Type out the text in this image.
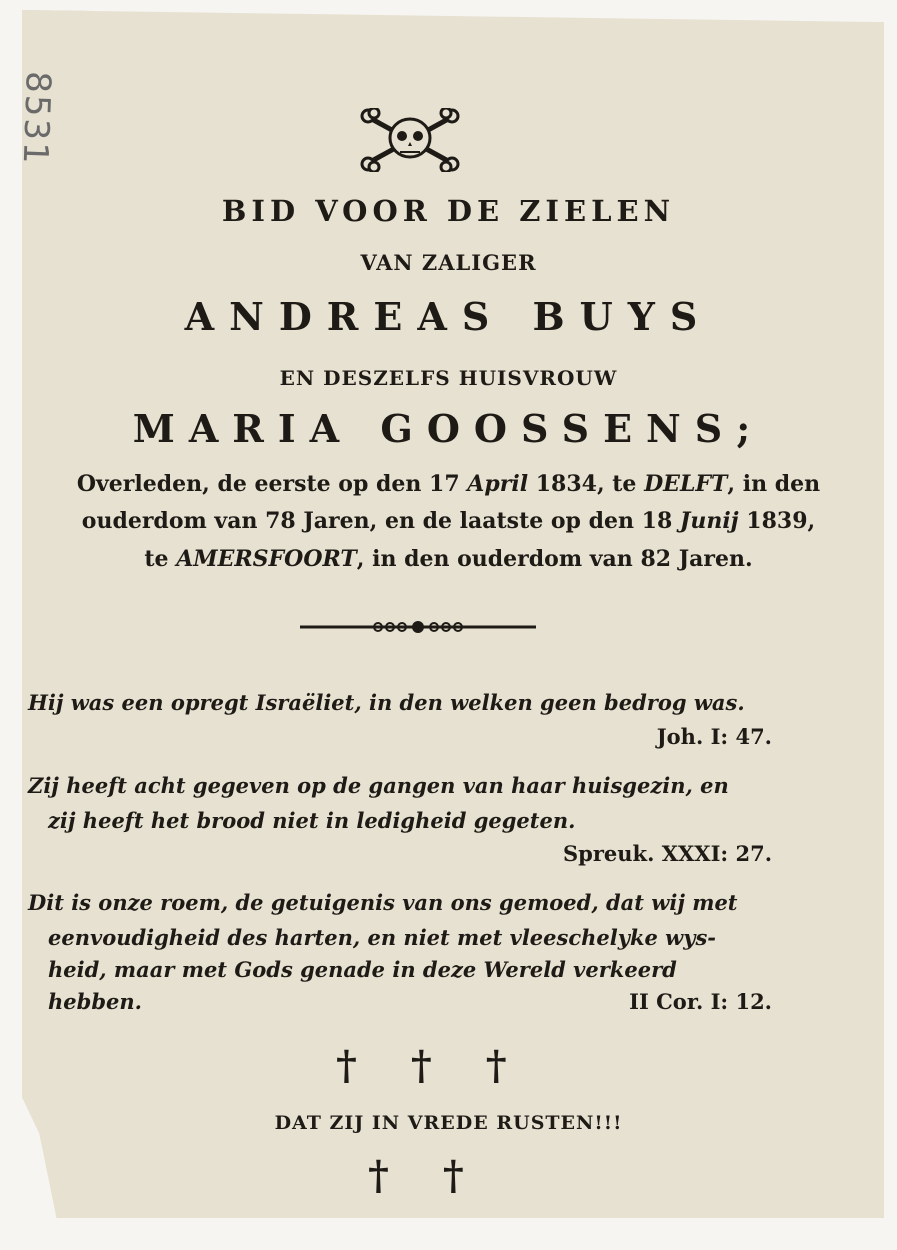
8531
BID VOOR DE ZIELEN
VAN ZALIGER
ANDREAS BUYS
EN DESZELFS HUISVROUW
MARIA GOOSSENS;
Overleden, de eerste op den 17 April 1834, te DELFT, in den
ouderdom van 78 Jaren, en de laatste op den 18 Junij 1839,
te AMERSFOORT, in den ouderdom van 82 Jaren.
Hij was een opregt Israëliet, in den welken geen bedrog was.
Joh. I: 47.
Zij heeft acht gegeven op de gangen van haar huisgezin, en
zij heeft het brood niet in ledigheid gegeten.
Spreuk. XXXI: 27.
Dit is onze roem, de getuigenis van ons gemoed, dat wij met
eenvoudigheid des harten, en niet met vleeschelyke wys-
heid, maar met Gods genade in deze Wereld verkeerd
hebben.	II Cor. I: 12.
† † †
DAT ZIJ IN VREDE RUSTEN!!!
† †
